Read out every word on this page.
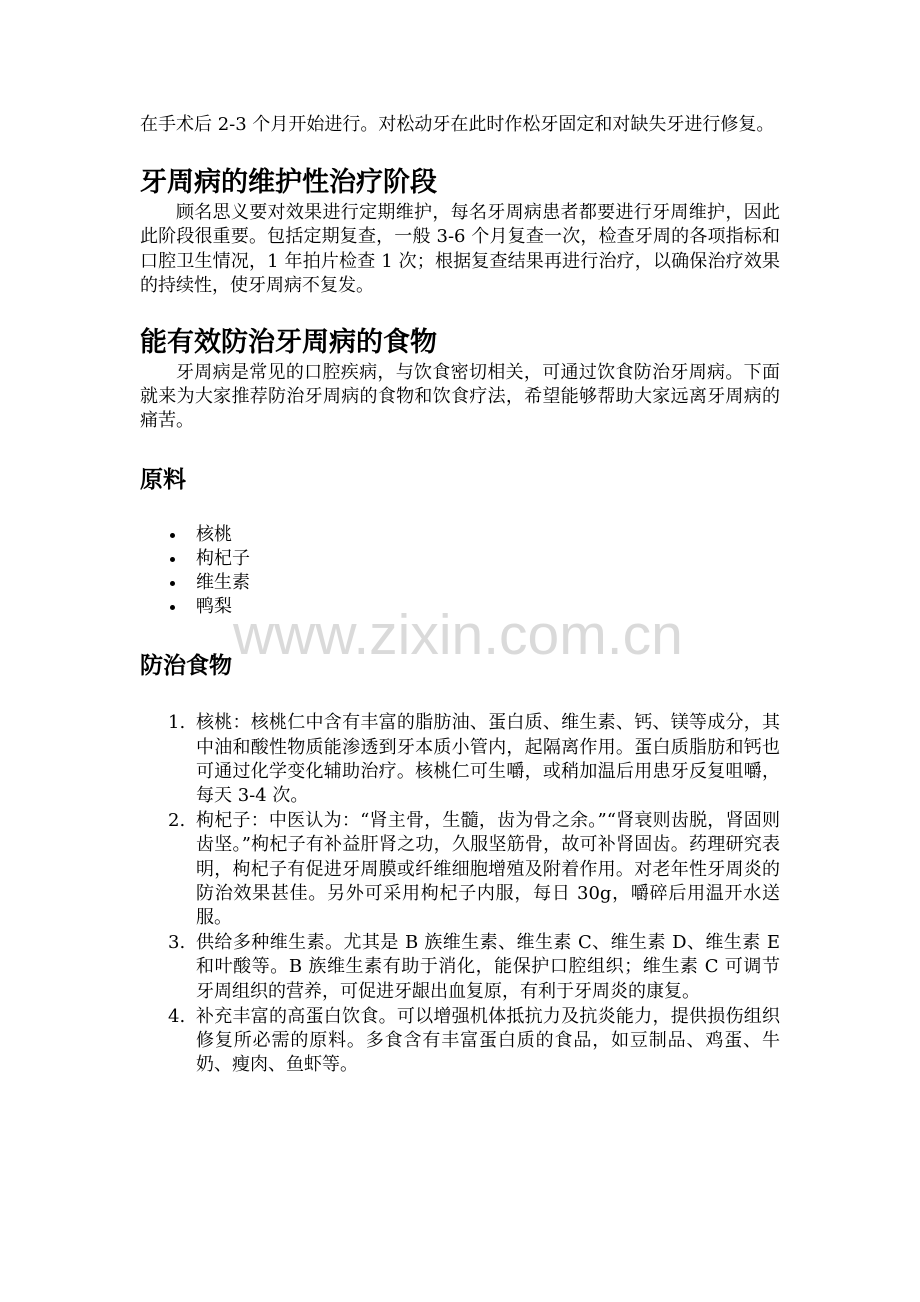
在手术后 2-3 个月开始进行。对松动牙在此时作松牙固定和对缺失牙进行修复。

牙周病的维护性治疗阶段

顾名思义要对效果进行定期维护，每名牙周病患者都要进行牙周维护，因此此阶段很重要。包括定期复查，一般 3-6 个月复查一次，检查牙周的各项指标和口腔卫生情况，1 年拍片检查 1 次；根据复查结果再进行治疗，以确保治疗效果的持续性，使牙周病不复发。

能有效防治牙周病的食物

牙周病是常见的口腔疾病，与饮食密切相关，可通过饮食防治牙周病。下面就来为大家推荐防治牙周病的食物和饮食疗法，希望能够帮助大家远离牙周病的痛苦。

原料
核桃
枸杞子
维生素
鸭梨
防治食物
1. 核桃：核桃仁中含有丰富的脂肪油、蛋白质、维生素、钙、镁等成分，其中油和酸性物质能渗透到牙本质小管内，起隔离作用。蛋白质脂肪和钙也可通过化学变化辅助治疗。核桃仁可生嚼，或稍加温后用患牙反复咀嚼，每天 3-4 次。
2. 枸杞子：中医认为：“肾主骨，生髓，齿为骨之余。”“肾衰则齿脱，肾固则齿坚。”枸杞子有补益肝肾之功，久服坚筋骨，故可补肾固齿。药理研究表明，枸杞子有促进牙周膜或纤维细胞增殖及附着作用。对老年性牙周炎的防治效果甚佳。另外可采用枸杞子内服，每日 30g，嚼碎后用温开水送服。
3. 供给多种维生素。尤其是 B 族维生素、维生素 C、维生素 D、维生素 E 和叶酸等。B 族维生素有助于消化，能保护口腔组织；维生素 C 可调节牙周组织的营养，可促进牙龈出血复原，有利于牙周炎的康复。
4. 补充丰富的高蛋白饮食。可以增强机体抵抗力及抗炎能力，提供损伤组织修复所必需的原料。多食含有丰富蛋白质的食品，如豆制品、鸡蛋、牛奶、瘦肉、鱼虾等。
www.zixin.com.cn
